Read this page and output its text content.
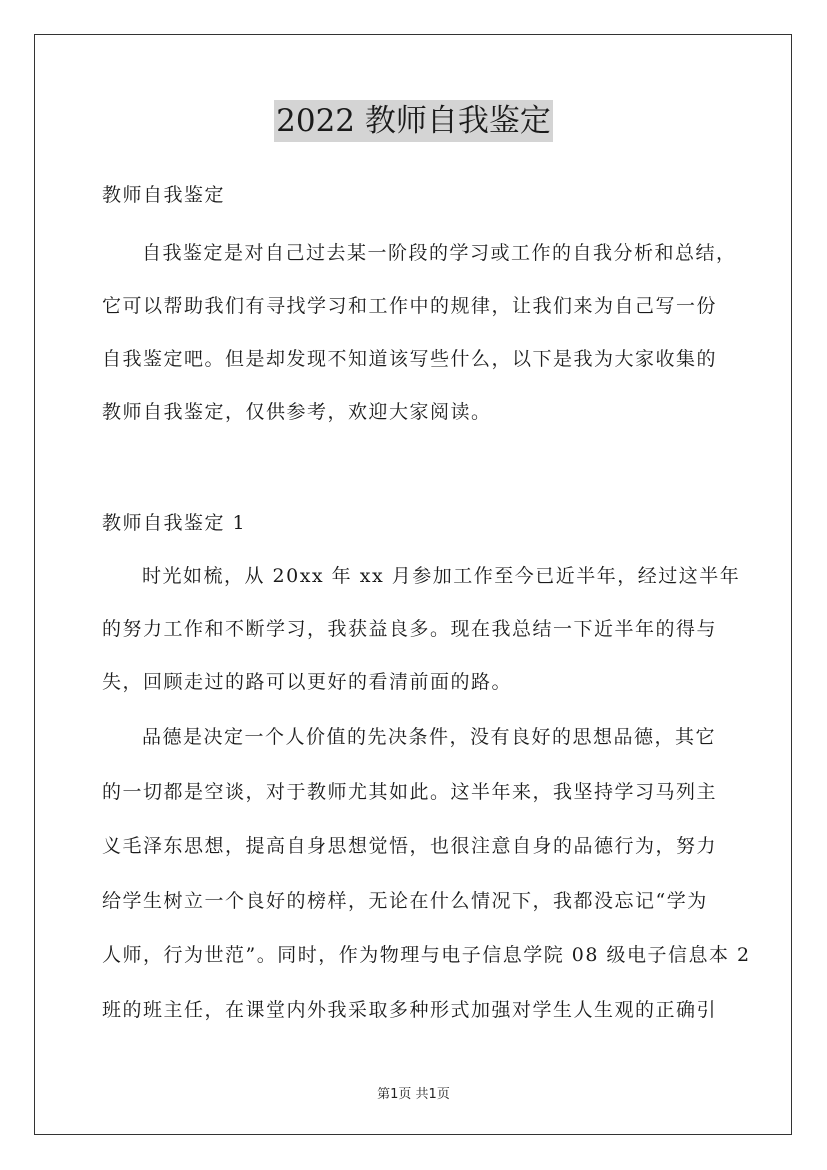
2022 教师自我鉴定
教师自我鉴定
自我鉴定是对自己过去某一阶段的学习或工作的自我分析和总结，
它可以帮助我们有寻找学习和工作中的规律，让我们来为自己写一份
自我鉴定吧。但是却发现不知道该写些什么，以下是我为大家收集的
教师自我鉴定，仅供参考，欢迎大家阅读。
教师自我鉴定 1
时光如梳，从 20xx 年 xx 月参加工作至今已近半年，经过这半年
的努力工作和不断学习，我获益良多。现在我总结一下近半年的得与
失，回顾走过的路可以更好的看清前面的路。
品德是决定一个人价值的先决条件，没有良好的思想品德，其它
的一切都是空谈，对于教师尤其如此。这半年来，我坚持学习马列主
义毛泽东思想，提高自身思想觉悟，也很注意自身的品德行为，努力
给学生树立一个良好的榜样，无论在什么情况下，我都没忘记“学为
人师，行为世范”。同时，作为物理与电子信息学院 08 级电子信息本 2
班的班主任，在课堂内外我采取多种形式加强对学生人生观的正确引
第1页 共1页
